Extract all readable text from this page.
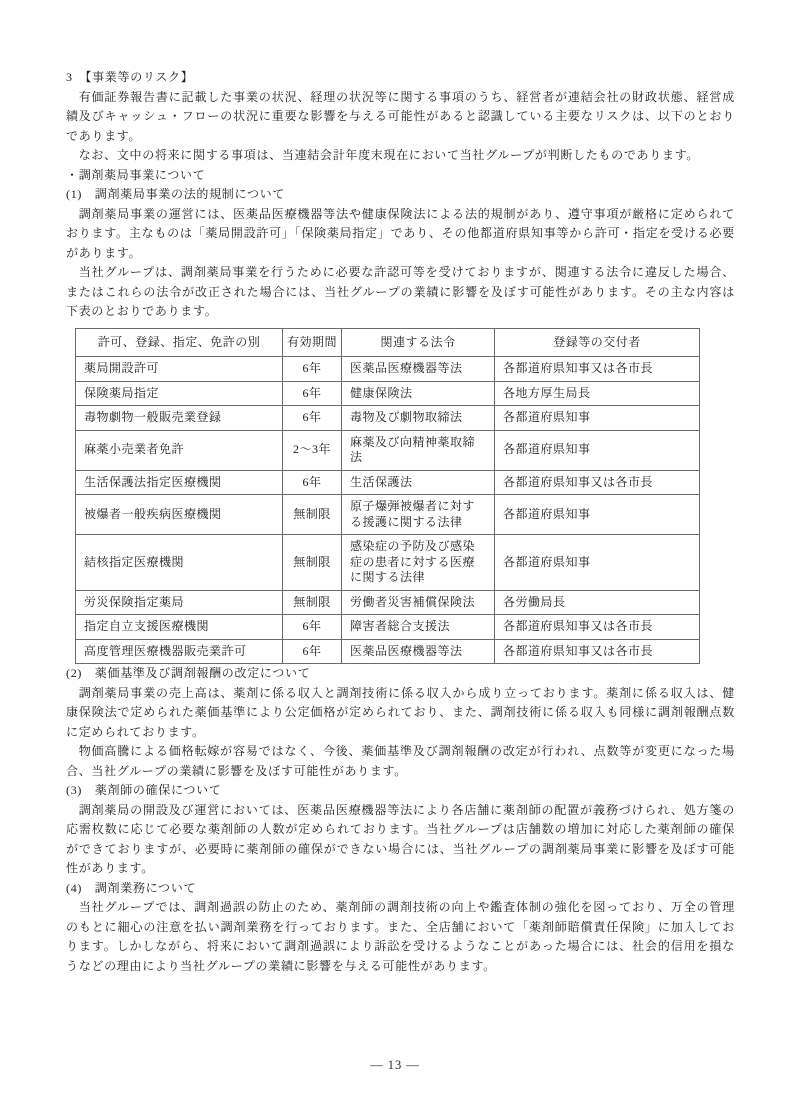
3　【事業等のリスク】

有価証券報告書に記載した事業の状況、経理の状況等に関する事項のうち、経営者が連結会社の財政状態、経営成績及びキャッシュ・フローの状況に重要な影響を与える可能性があると認識している主要なリスクは、以下のとおりであります。

なお、文中の将来に関する事項は、当連結会計年度末現在において当社グループが判断したものであります。

・調剤薬局事業について

(1)　調剤薬局事業の法的規制について

調剤薬局事業の運営には、医薬品医療機器等法や健康保険法による法的規制があり、遵守事項が厳格に定められております。主なものは「薬局開設許可」「保険薬局指定」であり、その他都道府県知事等から許可・指定を受ける必要があります。

当社グループは、調剤薬局事業を行うために必要な許認可等を受けておりますが、関連する法令に違反した場合、またはこれらの法令が改正された場合には、当社グループの業績に影響を及ぼす可能性があります。その主な内容は下表のとおりであります。

許可、登録、指定、免許の別	有効期間	関連する法令	登録等の交付者
薬局開設許可	6年	医薬品医療機器等法	各都道府県知事又は各市長
保険薬局指定	6年	健康保険法	各地方厚生局長
毒物劇物一般販売業登録	6年	毒物及び劇物取締法	各都道府県知事
麻薬小売業者免許	2～3年	麻薬及び向精神薬取締法	各都道府県知事
生活保護法指定医療機関	6年	生活保護法	各都道府県知事又は各市長
被爆者一般疾病医療機関	無制限	原子爆弾被爆者に対する援護に関する法律	各都道府県知事
結核指定医療機関	無制限	感染症の予防及び感染症の患者に対する医療に関する法律	各都道府県知事
労災保険指定薬局	無制限	労働者災害補償保険法	各労働局長
指定自立支援医療機関	6年	障害者総合支援法	各都道府県知事又は各市長
高度管理医療機器販売業許可	6年	医薬品医療機器等法	各都道府県知事又は各市長

(2)　薬価基準及び調剤報酬の改定について

調剤薬局事業の売上高は、薬剤に係る収入と調剤技術に係る収入から成り立っております。薬剤に係る収入は、健康保険法で定められた薬価基準により公定価格が定められており、また、調剤技術に係る収入も同様に調剤報酬点数に定められております。

物価高騰による価格転嫁が容易ではなく、今後、薬価基準及び調剤報酬の改定が行われ、点数等が変更になった場合、当社グループの業績に影響を及ぼす可能性があります。

(3)　薬剤師の確保について

調剤薬局の開設及び運営においては、医薬品医療機器等法により各店舗に薬剤師の配置が義務づけられ、処方箋の応需枚数に応じて必要な薬剤師の人数が定められております。当社グループは店舗数の増加に対応した薬剤師の確保ができておりますが、必要時に薬剤師の確保ができない場合には、当社グループの調剤薬局事業に影響を及ぼす可能性があります。

(4)　調剤業務について

当社グループでは、調剤過誤の防止のため、薬剤師の調剤技術の向上や鑑査体制の強化を図っており、万全の管理のもとに細心の注意を払い調剤業務を行っております。また、全店舗において「薬剤師賠償責任保険」に加入しております。しかしながら、将来において調剤過誤により訴訟を受けるようなことがあった場合には、社会的信用を損なうなどの理由により当社グループの業績に影響を与える可能性があります。

― 13 ―
